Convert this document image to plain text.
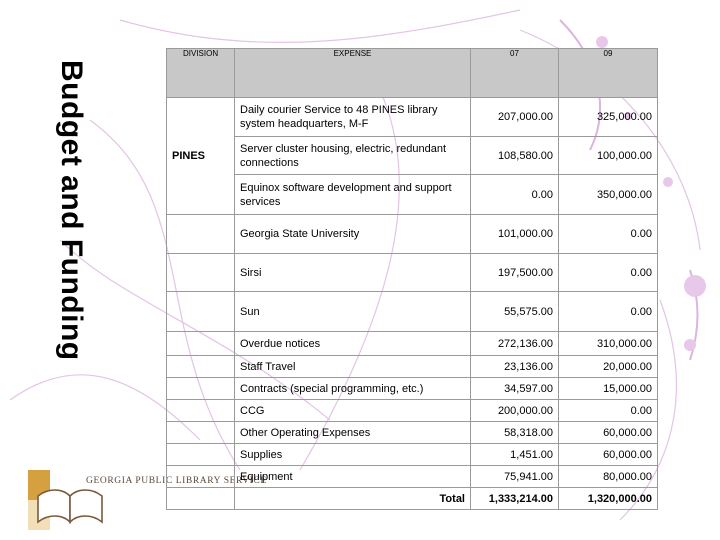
Budget and Funding
GEORGIA PUBLIC LIBRARY SERVICE
DIVISION	EXPENSE	07	09
PINES	Daily courier Service to 48 PINES library system headquarters, M-F	207,000.00	325,000.00
	Server cluster housing, electric, redundant connections	108,580.00	100,000.00
	Equinox software development and support services	0.00	350,000.00
	Georgia State University	101,000.00	0.00
	Sirsi	197,500.00	0.00
	Sun	55,575.00	0.00
	Overdue notices	272,136.00	310,000.00
	Staff Travel	23,136.00	20,000.00
	Contracts (special programming, etc.)	34,597.00	15,000.00
	CCG	200,000.00	0.00
	Other Operating Expenses	58,318.00	60,000.00
	Supplies	1,451.00	60,000.00
	Equipment	75,941.00	80,000.00
	Total	1,333,214.00	1,320,000.00
